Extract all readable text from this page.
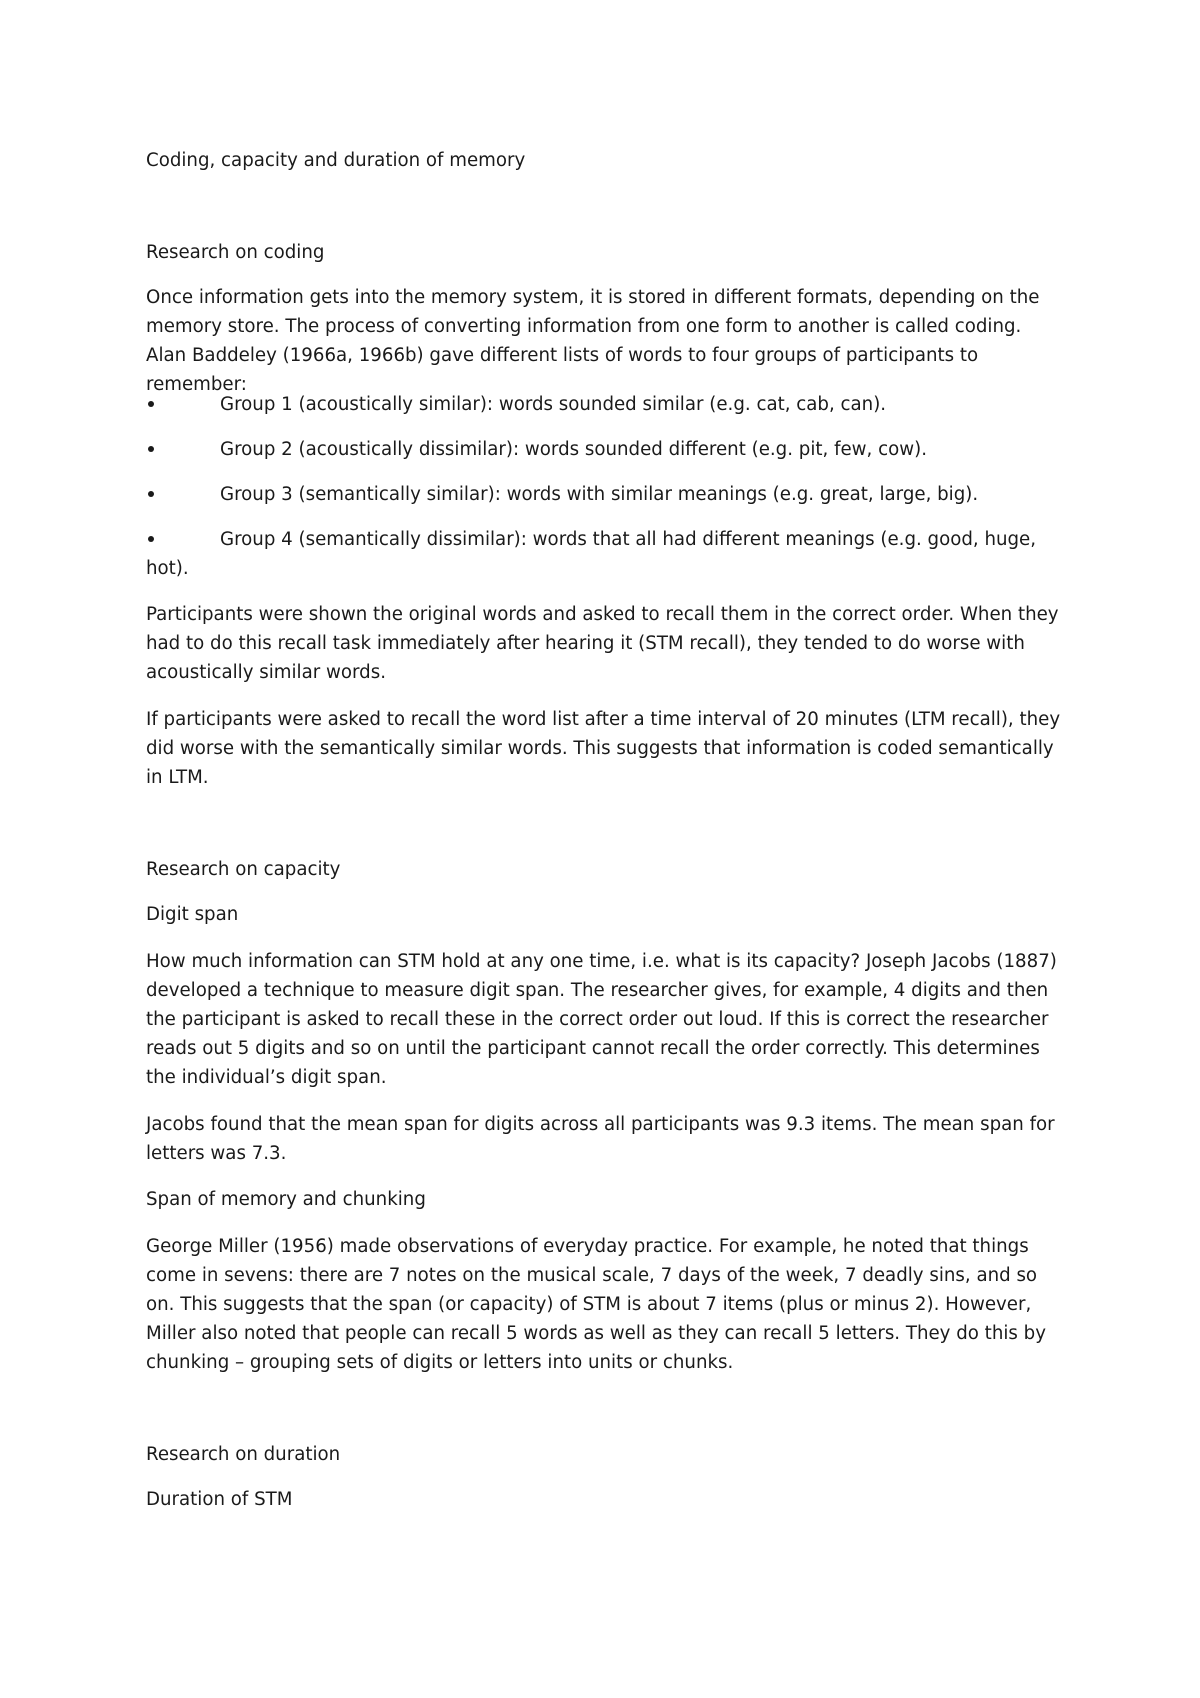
Coding, capacity and duration of memory

Research on coding

Once information gets into the memory system, it is stored in different formats, depending on the memory store. The process of converting information from one form to another is called coding. Alan Baddeley (1966a, 1966b) gave different lists of words to four groups of participants to remember:

Group 1 (acoustically similar): words sounded similar (e.g. cat, cab, can).

Group 2 (acoustically dissimilar): words sounded different (e.g. pit, few, cow).

Group 3 (semantically similar): words with similar meanings (e.g. great, large, big).

Group 4 (semantically dissimilar): words that all had different meanings (e.g. good, huge, hot).

Participants were shown the original words and asked to recall them in the correct order. When they had to do this recall task immediately after hearing it (STM recall), they tended to do worse with acoustically similar words.

If participants were asked to recall the word list after a time interval of 20 minutes (LTM recall), they did worse with the semantically similar words. This suggests that information is coded semantically in LTM.

Research on capacity

Digit span

How much information can STM hold at any one time, i.e. what is its capacity? Joseph Jacobs (1887) developed a technique to measure digit span. The researcher gives, for example, 4 digits and then the participant is asked to recall these in the correct order out loud. If this is correct the researcher reads out 5 digits and so on until the participant cannot recall the order correctly. This determines the individual’s digit span.

Jacobs found that the mean span for digits across all participants was 9.3 items. The mean span for letters was 7.3.

Span of memory and chunking

George Miller (1956) made observations of everyday practice. For example, he noted that things come in sevens: there are 7 notes on the musical scale, 7 days of the week, 7 deadly sins, and so on. This suggests that the span (or capacity) of STM is about 7 items (plus or minus 2). However, Miller also noted that people can recall 5 words as well as they can recall 5 letters. They do this by chunking – grouping sets of digits or letters into units or chunks.

Research on duration

Duration of STM
